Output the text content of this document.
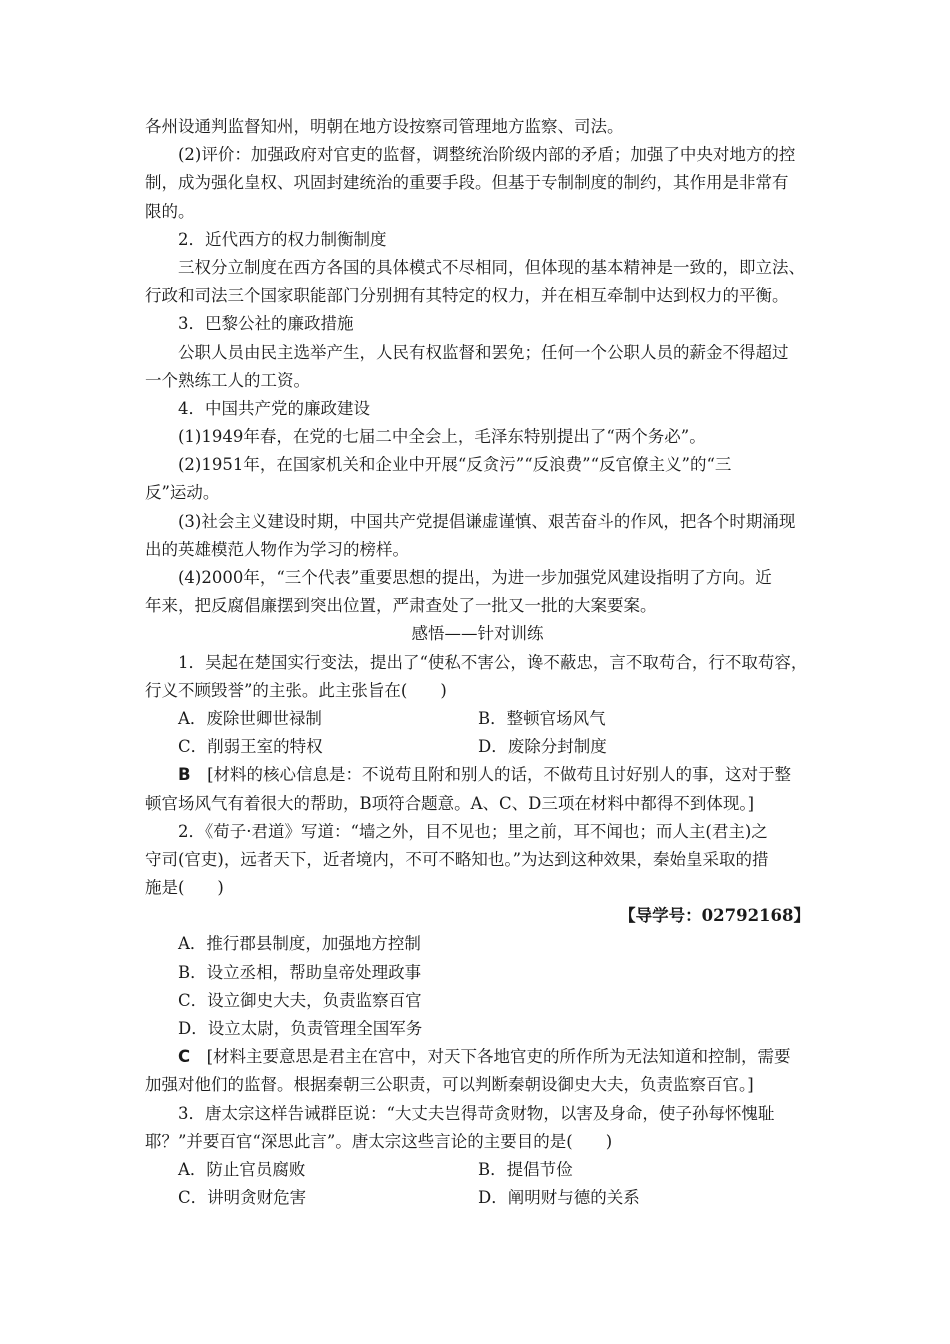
各州设通判监督知州，明朝在地方设按察司管理地方监察、司法。
(2)评价：加强政府对官吏的监督，调整统治阶级内部的矛盾；加强了中央对地方的控
制，成为强化皇权、巩固封建统治的重要手段。但基于专制制度的制约，其作用是非常有
限的。
2．近代西方的权力制衡制度
三权分立制度在西方各国的具体模式不尽相同，但体现的基本精神是一致的，即立法、
行政和司法三个国家职能部门分别拥有其特定的权力，并在相互牵制中达到权力的平衡。
3．巴黎公社的廉政措施
公职人员由民主选举产生，人民有权监督和罢免；任何一个公职人员的薪金不得超过
一个熟练工人的工资。
4．中国共产党的廉政建设
(1)1949年春，在党的七届二中全会上，毛泽东特别提出了“两个务必”。
(2)1951年，在国家机关和企业中开展“反贪污”“反浪费”“反官僚主义”的“三
反”运动。
(3)社会主义建设时期，中国共产党提倡谦虚谨慎、艰苦奋斗的作风，把各个时期涌现
出的英雄模范人物作为学习的榜样。
(4)2000年，“三个代表”重要思想的提出，为进一步加强党风建设指明了方向。近
年来，把反腐倡廉摆到突出位置，严肃查处了一批又一批的大案要案。
感悟——针对训练
1．吴起在楚国实行变法，提出了“使私不害公，谗不蔽忠，言不取苟合，行不取苟容，
行义不顾毁誉”的主张。此主张旨在(　　)
A．废除世卿世禄制	B．整顿官场风气
C．削弱王室的特权	D．废除分封制度
B　[材料的核心信息是：不说苟且附和别人的话，不做苟且讨好别人的事，这对于整
顿官场风气有着很大的帮助，B项符合题意。A、C、D三项在材料中都得不到体现。]
2．《荀子·君道》写道：“墙之外，目不见也；里之前，耳不闻也；而人主(君主)之
守司(官吏)，远者天下，近者境内，不可不略知也。”为达到这种效果，秦始皇采取的措
施是(　　)
【导学号：02792168】
A．推行郡县制度，加强地方控制
B．设立丞相，帮助皇帝处理政事
C．设立御史大夫，负责监察百官
D．设立太尉，负责管理全国军务
C　[材料主要意思是君主在宫中，对天下各地官吏的所作所为无法知道和控制，需要
加强对他们的监督。根据秦朝三公职责，可以判断秦朝设御史大夫，负责监察百官。]
3．唐太宗这样告诫群臣说：“大丈夫岂得苛贪财物，以害及身命，使子孙每怀愧耻
耶？”并要百官“深思此言”。唐太宗这些言论的主要目的是(　　)
A．防止官员腐败	B．提倡节俭
C．讲明贪财危害	D．阐明财与德的关系
